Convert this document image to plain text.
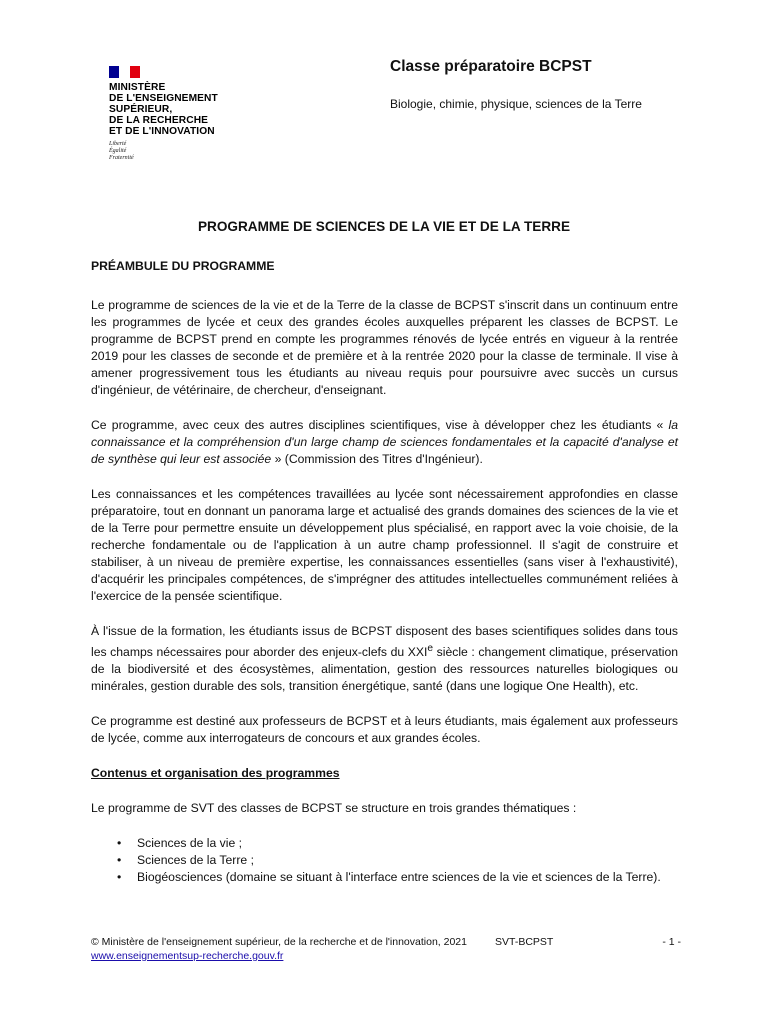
MINISTÈRE
DE L'ENSEIGNEMENT
SUPÉRIEUR,
DE LA RECHERCHE
ET DE L'INNOVATION
Liberté
Égalité
Fraternité
Classe préparatoire BCPST
Biologie, chimie, physique, sciences de la Terre
PROGRAMME DE SCIENCES DE LA VIE ET DE LA TERRE

PRÉAMBULE DU PROGRAMME

Le programme de sciences de la vie et de la Terre de la classe de BCPST s'inscrit dans un continuum entre les programmes de lycée et ceux des grandes écoles auxquelles préparent les classes de BCPST. Le programme de BCPST prend en compte les programmes rénovés de lycée entrés en vigueur à la rentrée 2019 pour les classes de seconde et de première et à la rentrée 2020 pour la classe de terminale. Il vise à amener progressivement tous les étudiants au niveau requis pour poursuivre avec succès un cursus d'ingénieur, de vétérinaire, de chercheur, d'enseignant.

Ce programme, avec ceux des autres disciplines scientifiques, vise à développer chez les étudiants « la connaissance et la compréhension d'un large champ de sciences fondamentales et la capacité d'analyse et de synthèse qui leur est associée » (Commission des Titres d'Ingénieur).

Les connaissances et les compétences travaillées au lycée sont nécessairement approfondies en classe préparatoire, tout en donnant un panorama large et actualisé des grands domaines des sciences de la vie et de la Terre pour permettre ensuite un développement plus spécialisé, en rapport avec la voie choisie, de la recherche fondamentale ou de l'application à un autre champ professionnel. Il s'agit de construire et stabiliser, à un niveau de première expertise, les connaissances essentielles (sans viser à l'exhaustivité), d'acquérir les principales compétences, de s'imprégner des attitudes intellectuelles communément reliées à l'exercice de la pensée scientifique.

À l'issue de la formation, les étudiants issus de BCPST disposent des bases scientifiques solides dans tous les champs nécessaires pour aborder des enjeux-clefs du XXIe siècle : changement climatique, préservation de la biodiversité et des écosystèmes, alimentation, gestion des ressources naturelles biologiques ou minérales, gestion durable des sols, transition énergétique, santé (dans une logique One Health), etc.

Ce programme est destiné aux professeurs de BCPST et à leurs étudiants, mais également aux professeurs de lycée, comme aux interrogateurs de concours et aux grandes écoles.

Contenus et organisation des programmes

Le programme de SVT des classes de BCPST se structure en trois grandes thématiques :

• Sciences de la vie ;
• Sciences de la Terre ;
• Biogéosciences (domaine se situant à l'interface entre sciences de la vie et sciences de la Terre).
© Ministère de l'enseignement supérieur, de la recherche et de l'innovation, 2021	SVT-BCPST	- 1 -
www.enseignementsup-recherche.gouv.fr
